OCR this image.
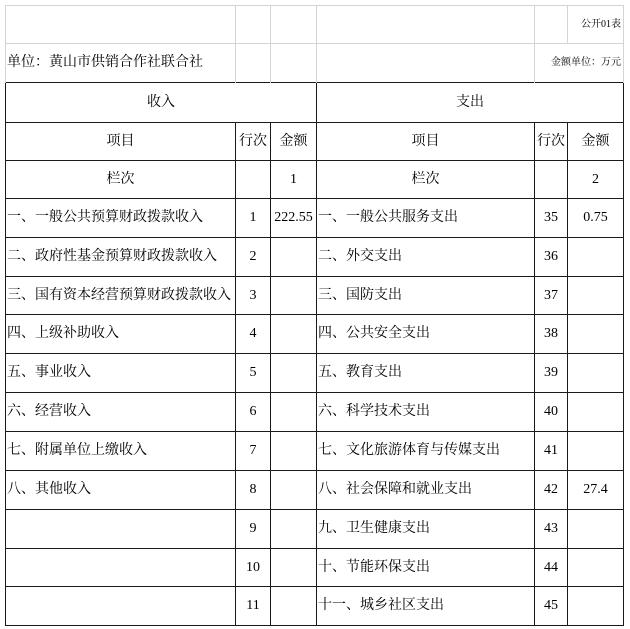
					公开01表
单位：黄山市供销合作社联合社				金额单位：万元	
收入			支出		
项目	行次	金额	项目	行次	金额
栏次		1	栏次		2
一、一般公共预算财政拨款收入	1	222.55	一、一般公共服务支出	35	0.75
二、政府性基金预算财政拨款收入	2		二、外交支出	36	
三、国有资本经营预算财政拨款收入	3		三、国防支出	37	
四、上级补助收入	4		四、公共安全支出	38	
五、事业收入	5		五、教育支出	39	
六、经营收入	6		六、科学技术支出	40	
七、附属单位上缴收入	7		七、文化旅游体育与传媒支出	41	
八、其他收入	8		八、社会保障和就业支出	42	27.4
	9		九、卫生健康支出	43	
	10		十、节能环保支出	44	
	11		十一、城乡社区支出	45	
